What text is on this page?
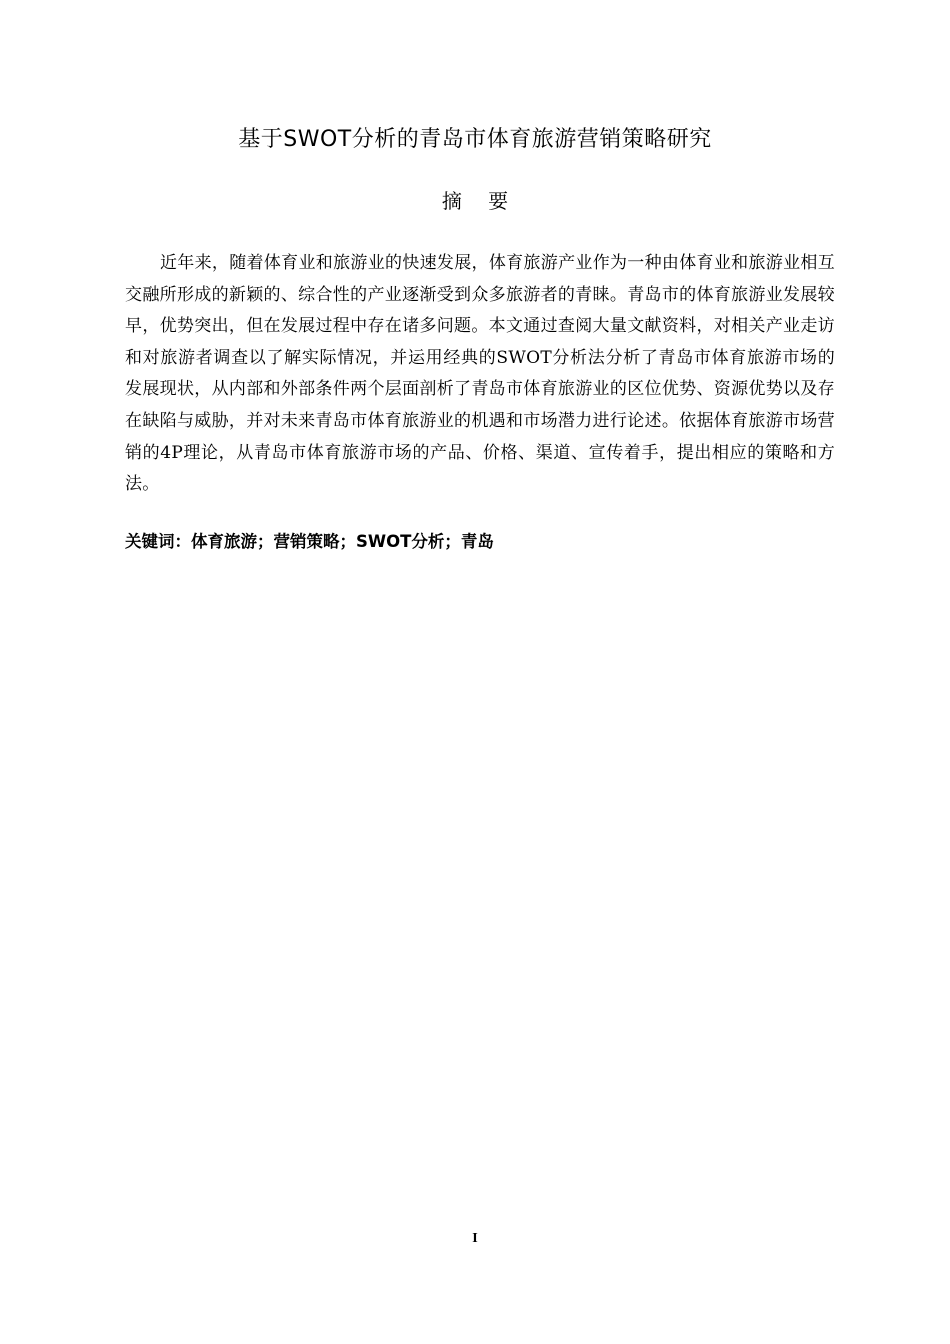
基于SWOT分析的青岛市体育旅游营销策略研究
摘 要

近年来，随着体育业和旅游业的快速发展，体育旅游产业作为一种由体育业和旅游业相互交融所形成的新颖的、综合性的产业逐渐受到众多旅游者的青睐。青岛市的体育旅游业发展较早，优势突出，但在发展过程中存在诸多问题。本文通过查阅大量文献资料，对相关产业走访和对旅游者调查以了解实际情况，并运用经典的SWOT分析法分析了青岛市体育旅游市场的发展现状，从内部和外部条件两个层面剖析了青岛市体育旅游业的区位优势、资源优势以及存在缺陷与威胁，并对未来青岛市体育旅游业的机遇和市场潜力进行论述。依据体育旅游市场营销的4P理论，从青岛市体育旅游市场的产品、价格、渠道、宣传着手，提出相应的策略和方法。

关键词：体育旅游；营销策略；SWOT分析；青岛

I
